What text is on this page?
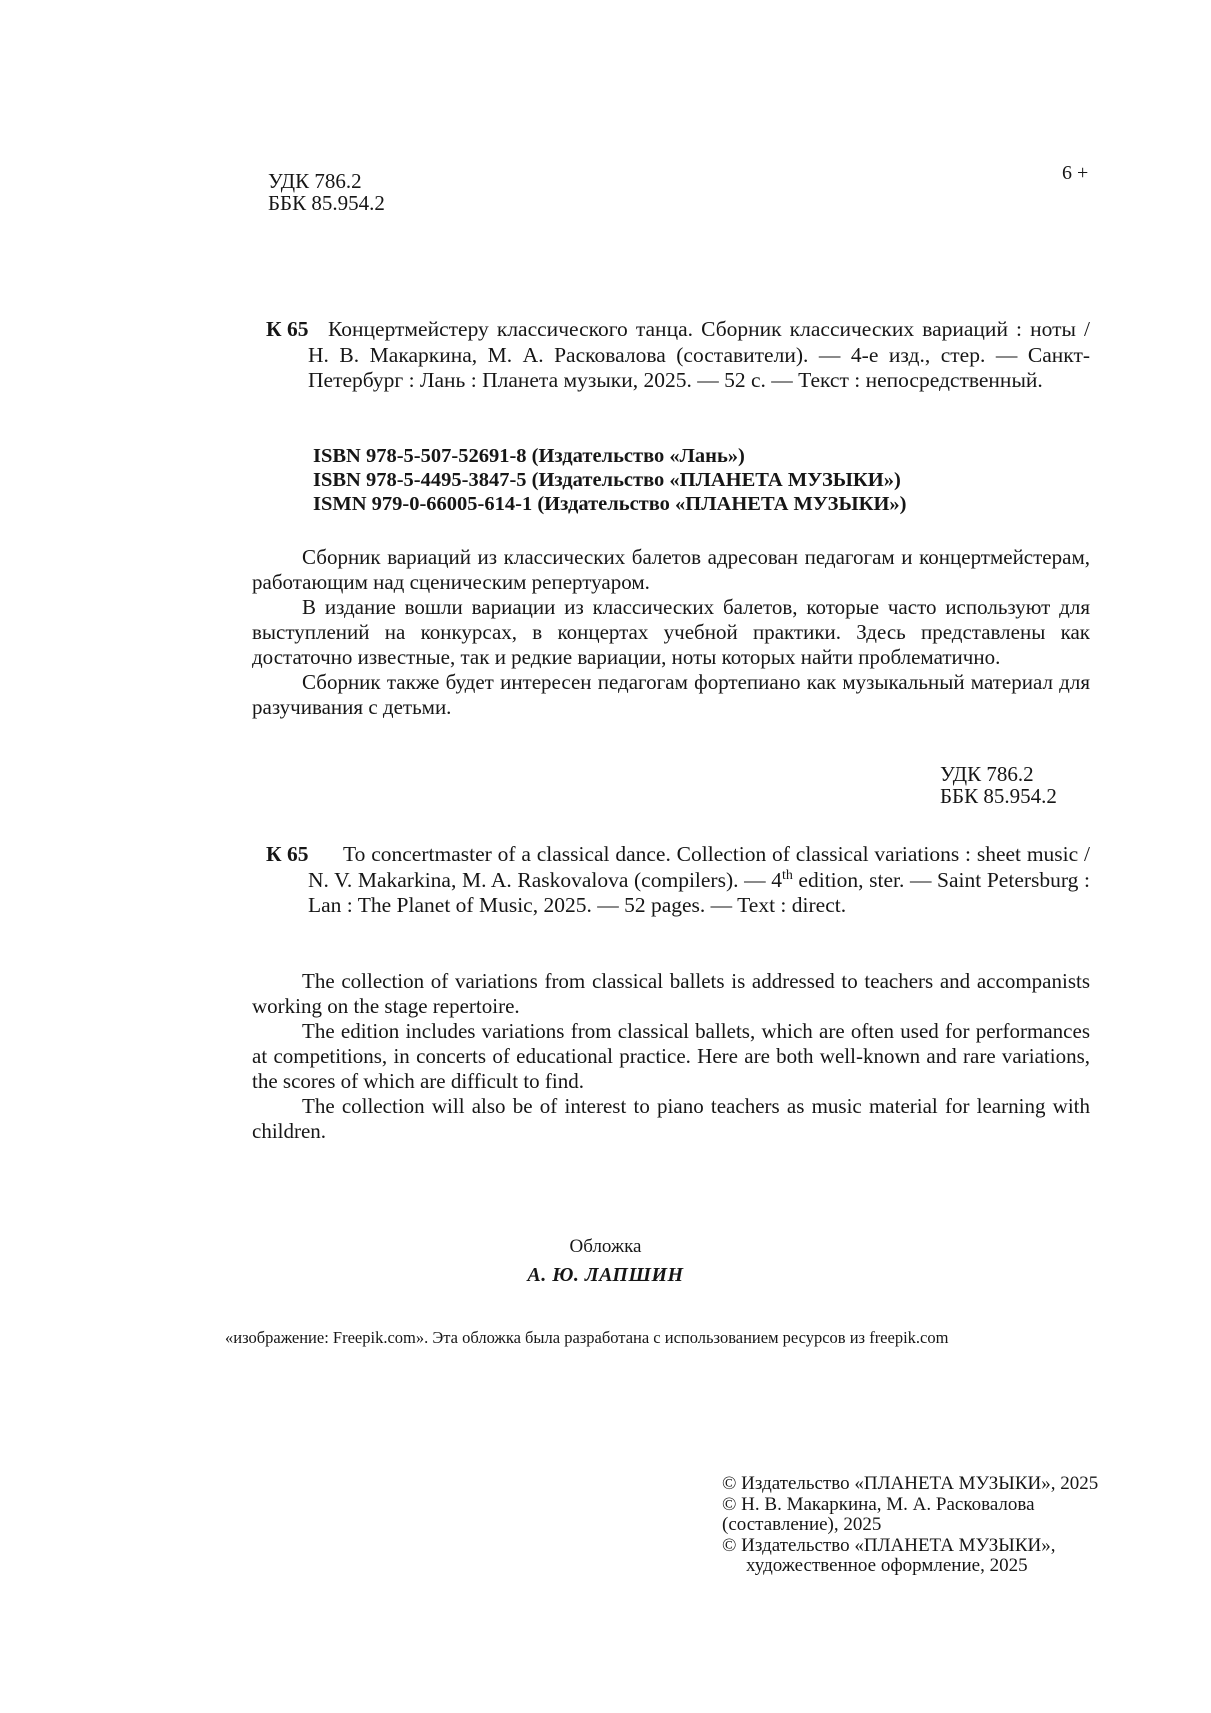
УДК 786.2
ББК 85.954.2
6 +
К 65 Концертмейстеру классического танца. Сборник классических вариаций : ноты / Н. В. Макаркина, М. А. Расковалова (составители). — 4-е изд., стер. — Санкт-Петербург : Лань : Планета музыки, 2025. — 52 с. — Текст : непосредственный.
ISBN 978-5-507-52691-8 (Издательство «Лань»)
ISBN 978-5-4495-3847-5 (Издательство «ПЛАНЕТА МУЗЫКИ»)
ISMN 979-0-66005-614-1 (Издательство «ПЛАНЕТА МУЗЫКИ»)

Сборник вариаций из классических балетов адресован педагогам и концертмейстерам, работающим над сценическим репертуаром.

В издание вошли вариации из классических балетов, которые часто используют для выступлений на конкурсах, в концертах учебной практики. Здесь представлены как достаточно известные, так и редкие вариации, ноты которых найти проблематично.

Сборник также будет интересен педагогам фортепиано как музыкальный материал для разучивания с детьми.

УДК 786.2
ББК 85.954.2
К 65	To concertmaster of a classical dance. Collection of classical variations : sheet music / N. V. Makarkina, M. A. Raskovalova (compilers). — 4th edition, ster. — Saint Petersburg : Lan : The Planet of Music, 2025. — 52 pages. — Text : direct.

The collection of variations from classical ballets is addressed to teachers and accompanists working on the stage repertoire.

The edition includes variations from classical ballets, which are often used for performances at competitions, in concerts of educational practice. Here are both well-known and rare variations, the scores of which are difficult to find.

The collection will also be of interest to piano teachers as music material for learning with children.

Обложка
А. Ю. ЛАПШИН
«изображение: Freepik.com». Эта обложка была разработана с использованием ресурсов из freepik.com
© Издательство «ПЛАНЕТА МУЗЫКИ», 2025
© Н. В. Макаркина, М. А. Расковалова
(составление), 2025
© Издательство «ПЛАНЕТА МУЗЫКИ»,
художественное оформление, 2025
